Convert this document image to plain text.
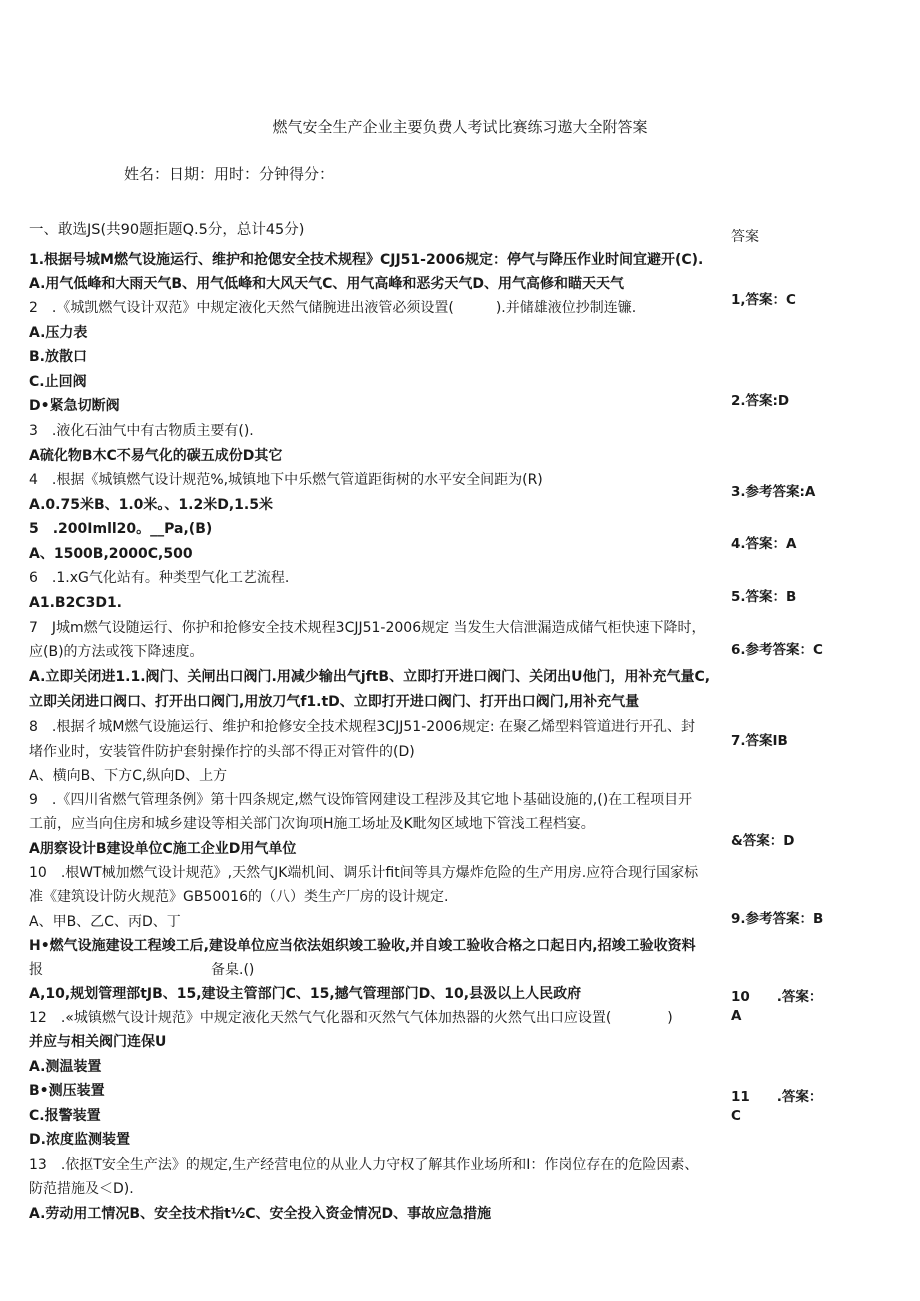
燃气安全生产企业主要负费人考试比赛练习遨大全附答案
姓名：日期：用时：分钟得分：
一、敢选JS(共90题拒题Q.5分，总计45分)	答案
1.根据号城M燃气设施运行、维护和抢偲安全技术规程》CJJ51-2006规定：停气与降压作业时间宜避开(C).
A.用气低峰和大雨天气B、用气低峰和大风天气C、用气高峰和恶劣天气D、用气高修和瞄天天气
2　.《城凯燃气设计双范》中规定液化天然气储腕进出液管必须设置(　　　).并储雄液位抄制连镰.
A.压力表
B.放散口
C.止回阀
D•紧急切断阀
3　.液化石油气中有古物质主要有().
A硫化物B木C不易气化的碳五成份D其它
4　.根据《城镇燃气设计规范%,城镇地下中乐燃气管道距街树的水平安全间距为(R)
A.0.75米B、1.0米。、1.2米D,1.5米
5　.200Imll20。__Pa,(B)
A、1500B,2000C,500
6　.1.xG气化站有。种类型气化工艺流程.
A1.B2C3D1.
7　J城m燃气设随运行、你护和抢修安全技术规程3CJJ51-2006规定 当发生大信泄漏造成储气柜快速下降时，
应(B)的方法或筏下降速度。
A.立即关闭进1.1.阀门、关闸出口阀门.用减少输出气jftB、立即打开进口阀门、关闭出U他门，用补充气量C,
立即关闭进口阀口、打开出口阀门,用放刀气f1.tD、立即打开进口阀门、打开出口阀门,用补充气量
8　.根据彳城M燃气设施运行、维护和抢修安全技术规程3CJJ51-2006规定: 在聚乙烯型料管道进行开孔、封
堵作业时，安装管件防护套射操作拧的头部不得正对管件的(D)
A、横向B、下方C,纵向D、上方
9　.《四川省燃气管理条例》第十四条规定,燃气设饰管网建设工程涉及其它地卜基础设施的,()在工程项目开
工前，应当向住房和城乡建设等相关部门次询项H施工场址及K毗匆区域地下管浅工程档宴。
A朋察设计B建设单位C施工企业D用气单位
10　.根WT械加燃气设计规范》,天然气JK端机间、调乐计fit间等具方爆炸危险的生产用房.应符合现行国家标
准《建筑设计防火规范》GB50016的（八）类生产厂房的设计规定.
A、甲B、乙C、丙D、丁
H•燃气设施建设工程竣工后,建设单位应当依法姐织竣工验收,并自竣工验收合格之口起日内,招竣工验收资料
报　　　　　　　　　　　　备臬.()
A,10,规划管理部tJB、15,建设主管部门C、15,撼气管理部门D、10,县汲以上人民政府
12　.«城镇燃气设计规范》中规定液化天然气气化器和灭然气气体加热器的火然气出口应设置(　　　　)
并应与相关阀门连保U
A.测温装置
B•测压装置
C.报警装置
D.浓度监测装置
13　.依抠T安全生产法》的规定,生产经营电位的从业人力守权了解其作业场所和I：作岗位存在的危险因素、
防范措施及＜D).
A.劳动用工情况B、安全技术指t½C、安全投入资金情况D、事故应急措施
1,答案：C
2.答案:D
3.参考答案:A
4.答案：A
5.答案：B
6.参考答案：C
7.答案IB
&答案：D
9.参考答案：B
10　　.答案：
A
11　　.答案：
C
